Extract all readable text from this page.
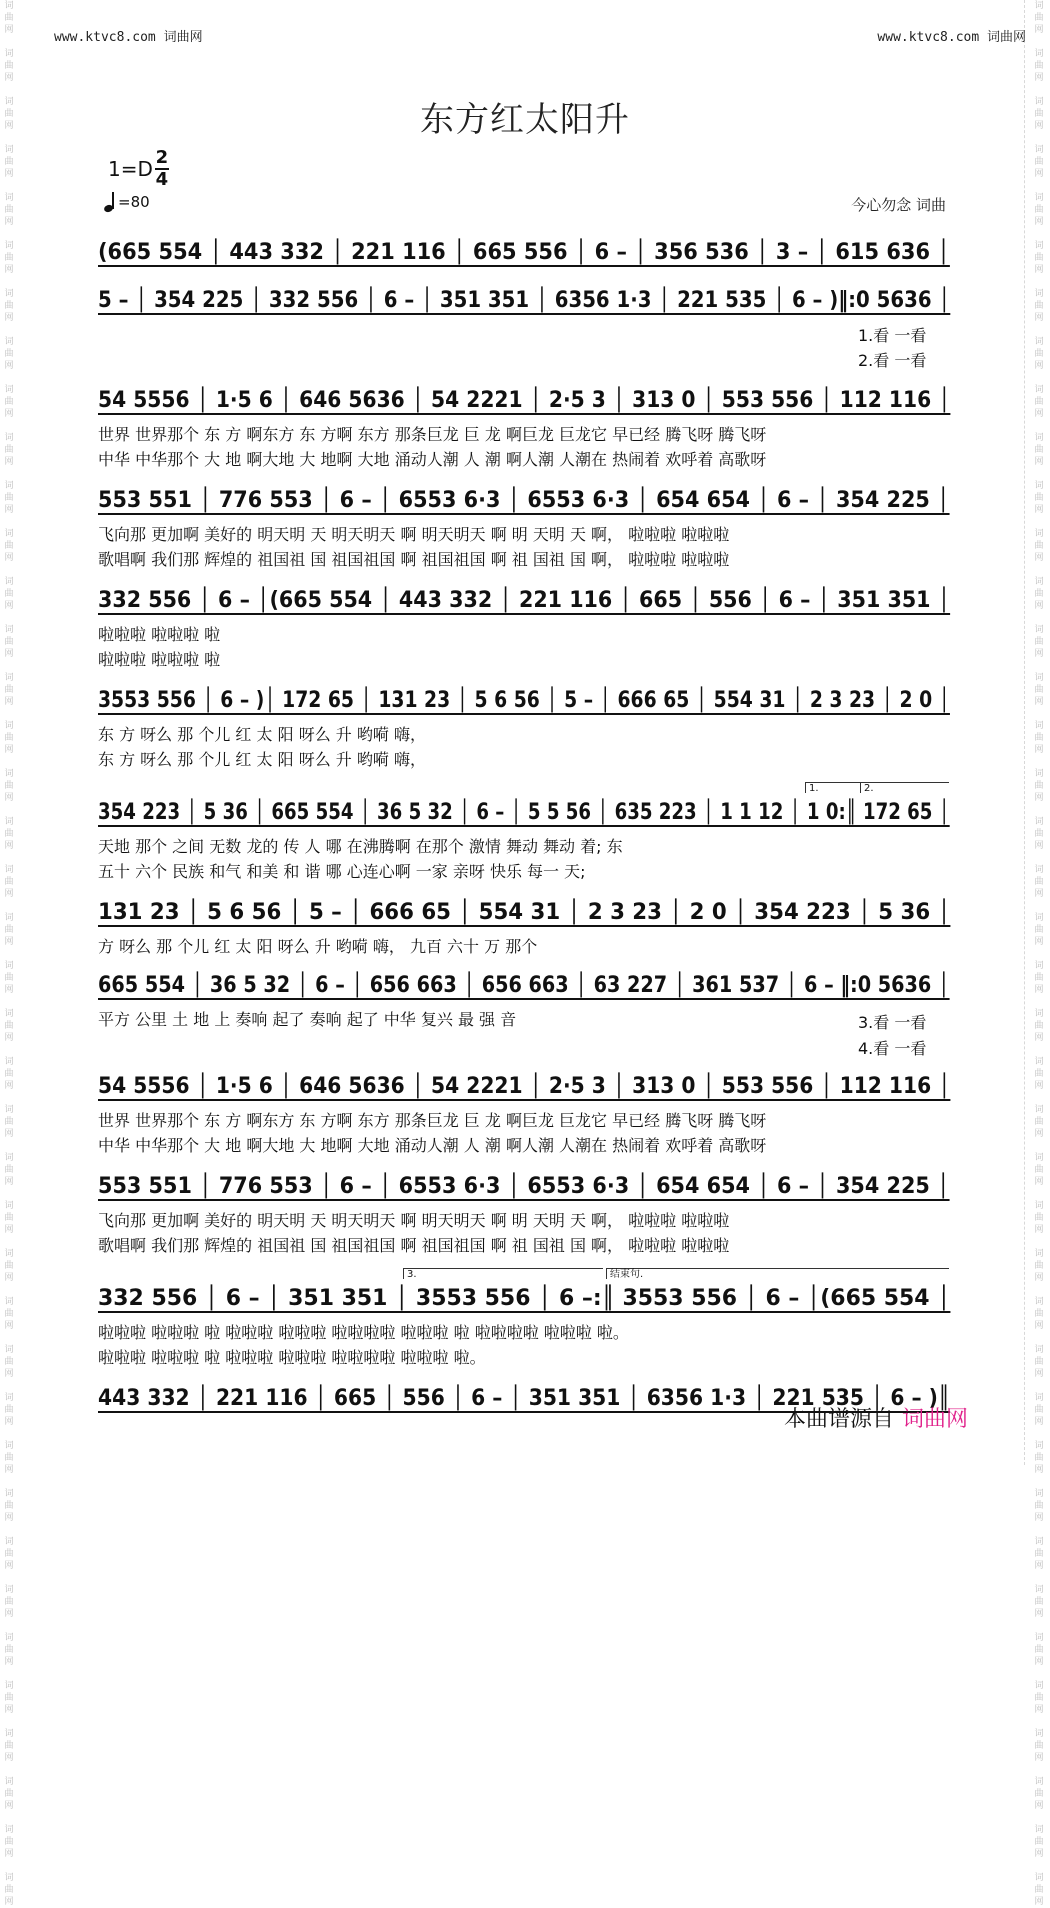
词
曲
网

词
曲
网

词
曲
网

词
曲
网

词
曲
网

词
曲
网

词
曲
网

词
曲
网

词
曲
网

词
曲
网

词
曲
网

词
曲
网

词
曲
网

词
曲
网

词
曲
网

词
曲
网

词
曲
网

词
曲
网

词
曲
网

词
曲
网

词
曲
网

词
曲
网

词
曲
网

词
曲
网

词
曲
网

词
曲
网

词
曲
网

词
曲
网

词
曲
网

词
曲
网

词
曲
网

词
曲
网

词
曲
网

词
曲
网

词
曲
网

词
曲
网

词
曲
网

词
曲
网

词
曲
网

词
曲
网

词
曲
网

词
曲
网

词
曲
网

词
曲
网

词
曲
网

词
曲
网

词
曲
网

词
曲
网

词
曲
网

词
曲
网

词
曲
网

词
曲
网

词
曲
网

词
曲
网

词
曲
网

词
曲
网

词
曲
网

词
曲
网

词
曲
网

词
曲
网

词
曲
网

词
曲
网

词
曲
网

词
曲
网

词
曲
网

词
曲
网

词
曲
网

词
曲
网

词
曲
网

词
曲
网

词
曲
网

词
曲
网

词
曲
网

词
曲
网

词
曲
网

词
曲
网

词
曲
网

词
曲
网

词
曲
网

词
曲
网

www.ktvc8.com 词曲网	www.ktvc8.com 词曲网
东方红太阳升
$1=D \frac{2}{4}$
=80	今心勿念 词曲
(665 554 │ 443 332 │ 221 116 │ 665 556 │ 6 – │ 356 536 │ 3 – │ 615 636 │
5 – │ 354 225 │ 332 556 │ 6 – │ 351 351 │ 6356 1·3 │ 221 535 │ 6 – )‖:0 5636 │
54 5556 │ 1·5 6 │ 646 5636 │ 54 2221 │ 2·5 3 │ 313 0 │ 553 556 │ 112 116 │
世界 世界那个 东 方 啊东方 东 方啊 东方 那条巨龙 巨 龙 啊巨龙 巨龙它 早已经 腾飞呀 腾飞呀
中华 中华那个 大 地 啊大地 大 地啊 大地 涌动人潮 人 潮 啊人潮 人潮在 热闹着 欢呼着 高歌呀
553 551 │ 776 553 │ 6 – │ 6553 6·3 │ 6553 6·3 │ 654 654 │ 6 – │ 354 225 │
飞向那 更加啊 美好的 明天明 天 明天明天 啊 明天明天 啊 明 天明 天 啊， 啦啦啦 啦啦啦
歌唱啊 我们那 辉煌的 祖国祖 国 祖国祖国 啊 祖国祖国 啊 祖 国祖 国 啊， 啦啦啦 啦啦啦
332 556 │ 6 – │(665 554 │ 443 332 │ 221 116 │ 665 │ 556 │ 6 – │ 351 351 │
啦啦啦 啦啦啦 啦
啦啦啦 啦啦啦 啦
3553 556 │ 6 – )│ 172 65 │ 131 23 │ 5 6 56 │ 5 – │ 666 65 │ 554 31 │ 2 3 23 │ 2 0 │
东 方 呀么 那 个儿 红 太 阳 呀么 升 哟嗬 嗨，
东 方 呀么 那 个儿 红 太 阳 呀么 升 哟嗬 嗨，
354 223 │ 5 36 │ 665 554 │ 36 5 32 │ 6 – │ 5 5 56 │ 635 223 │ 1 1 12 │ 1 0:║ 172 65 │
天地 那个 之间 无数 龙的 传 人 哪 在沸腾啊 在那个 激情 舞动 舞动 着; 东
五十 六个 民族 和气 和美 和 谐 哪 心连心啊 一家 亲呀 快乐 每一 天;
131 23 │ 5 6 56 │ 5 – │ 666 65 │ 554 31 │ 2 3 23 │ 2 0 │ 354 223 │ 5 36 │
方 呀么 那 个儿 红 太 阳 呀么 升 哟嗬 嗨， 九百 六十 万 那个
665 554 │ 36 5 32 │ 6 – │ 656 663 │ 656 663 │ 63 227 │ 361 537 │ 6 – ‖:0 5636 │
平方 公里 土 地 上 奏响 起了 奏响 起了 中华 复兴 最 强 音
54 5556 │ 1·5 6 │ 646 5636 │ 54 2221 │ 2·5 3 │ 313 0 │ 553 556 │ 112 116 │
世界 世界那个 东 方 啊东方 东 方啊 东方 那条巨龙 巨 龙 啊巨龙 巨龙它 早已经 腾飞呀 腾飞呀
中华 中华那个 大 地 啊大地 大 地啊 大地 涌动人潮 人 潮 啊人潮 人潮在 热闹着 欢呼着 高歌呀
553 551 │ 776 553 │ 6 – │ 6553 6·3 │ 6553 6·3 │ 654 654 │ 6 – │ 354 225 │
飞向那 更加啊 美好的 明天明 天 明天明天 啊 明天明天 啊 明 天明 天 啊， 啦啦啦 啦啦啦
歌唱啊 我们那 辉煌的 祖国祖 国 祖国祖国 啊 祖国祖国 啊 祖 国祖 国 啊， 啦啦啦 啦啦啦
332 556 │ 6 – │ 351 351 │ 3553 556 │ 6 –:║ 3553 556 │ 6 – │(665 554 │
啦啦啦 啦啦啦 啦 啦啦啦 啦啦啦 啦啦啦啦 啦啦啦 啦 啦啦啦啦 啦啦啦 啦。
啦啦啦 啦啦啦 啦 啦啦啦 啦啦啦 啦啦啦啦 啦啦啦 啦。
443 332 │ 221 116 │ 665 │ 556 │ 6 – │ 351 351 │ 6356 1·3 │ 221 535 │ 6 – )║
1.看 一看
2.看 一看
3.看 一看
4.看 一看
1.	2.
3.	结束句.
本曲谱源自 词曲网
